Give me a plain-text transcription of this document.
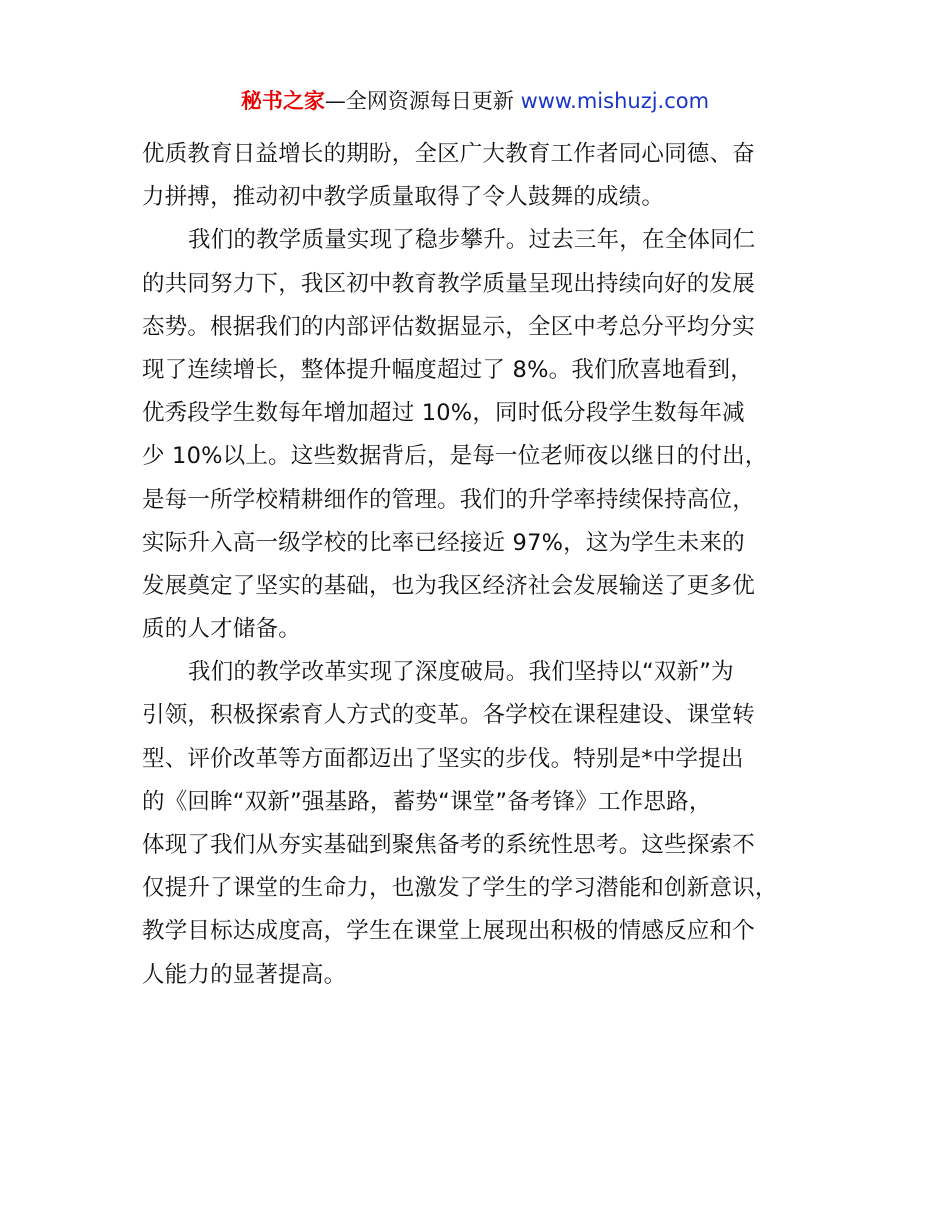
秘书之家—全网资源每日更新 www.mishuzj.com
优质教育日益增长的期盼，全区广大教育工作者同心同德、奋
力拼搏，推动初中教学质量取得了令人鼓舞的成绩。
我们的教学质量实现了稳步攀升。过去三年，在全体同仁
的共同努力下，我区初中教育教学质量呈现出持续向好的发展
态势。根据我们的内部评估数据显示，全区中考总分平均分实
现了连续增长，整体提升幅度超过了 8%。我们欣喜地看到，
优秀段学生数每年增加超过 10%，同时低分段学生数每年减
少 10%以上。这些数据背后，是每一位老师夜以继日的付出，
是每一所学校精耕细作的管理。我们的升学率持续保持高位，
实际升入高一级学校的比率已经接近 97%，这为学生未来的
发展奠定了坚实的基础，也为我区经济社会发展输送了更多优
质的人才储备。
我们的教学改革实现了深度破局。我们坚持以“双新”为
引领，积极探索育人方式的变革。各学校在课程建设、课堂转
型、评价改革等方面都迈出了坚实的步伐。特别是*中学提出
的《回眸“双新”强基路，蓄势“课堂”备考锋》工作思路，
体现了我们从夯实基础到聚焦备考的系统性思考。这些探索不
仅提升了课堂的生命力，也激发了学生的学习潜能和创新意识，
教学目标达成度高，学生在课堂上展现出积极的情感反应和个
人能力的显著提高。
